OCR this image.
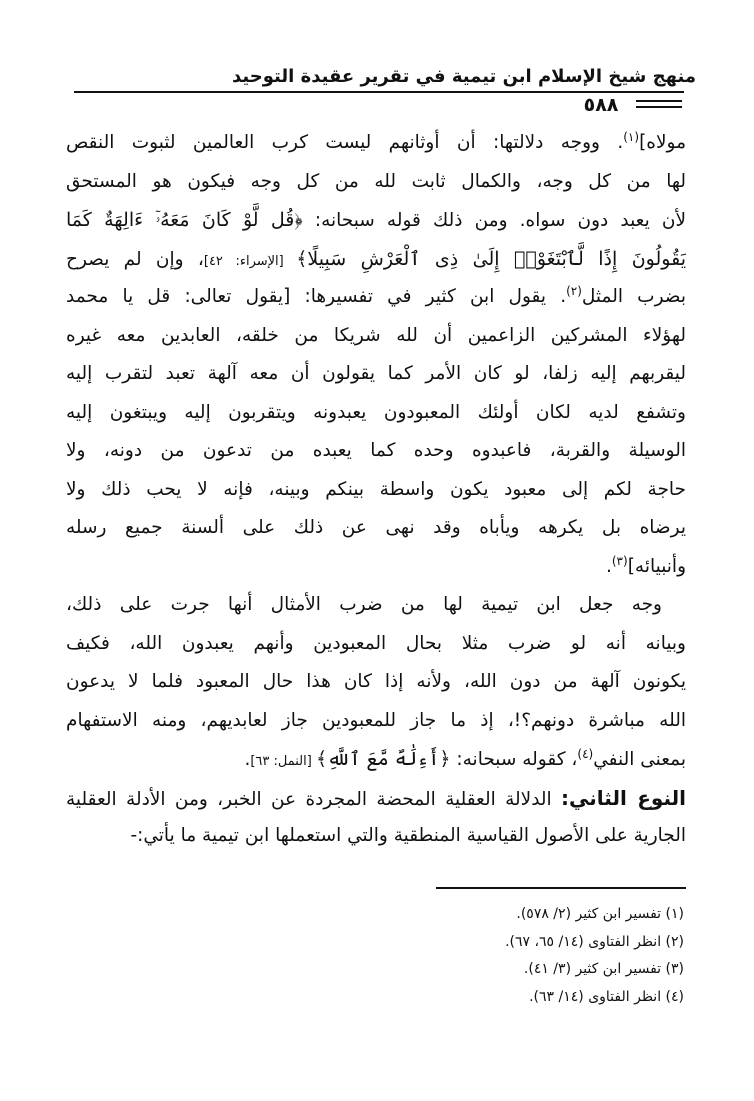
منهج شيخ الإسلام ابن تيمية في تقرير عقيدة التوحيد
٥٨٨
مولاه]$^{(١)}$. ووجه دلالتها: أن أوثانهم ليست كرب العالمين لثبوت النقص
لها من كل وجه، والكمال ثابت لله من كل وجه فيكون هو المستحق
لأن يعبد دون سواه. ومن ذلك قوله سبحانه: ﴿قُل لَّوْ كَانَ مَعَهُۥٓ ءَالِهَةٌ كَمَا
يَقُولُونَ إِذًا لَّٱبْتَغَوْا۟ إِلَىٰ ذِى ٱلْعَرْشِ سَبِيلًا﴾ [الإسراء: ٤٢]، وإن لم يصرح
بضرب المثل$^{(٢)}$. يقول ابن كثير في تفسيرها: [يقول تعالى: قل يا محمد
لهؤلاء المشركين الزاعمين أن لله شريكا من خلقه، العابدين معه غيره
ليقربهم إليه زلفا، لو كان الأمر كما يقولون أن معه آلهة تعبد لتقرب إليه
وتشفع لديه لكان أولئك المعبودون يعبدونه ويتقربون إليه ويبتغون إليه
الوسيلة والقربة، فاعبدوه وحده كما يعبده من تدعون من دونه، ولا
حاجة لكم إلى معبود يكون واسطة بينكم وبينه، فإنه لا يحب ذلك ولا
يرضاه بل يكرهه ويأباه وقد نهى عن ذلك على ألسنة جميع رسله
وأنبيائه]$^{(٣)}$.
وجه جعل ابن تيمية لها من ضرب الأمثال أنها جرت على ذلك،
وبيانه أنه لو ضرب مثلا بحال المعبودين وأنهم يعبدون الله، فكيف
يكونون آلهة من دون الله، ولأنه إذا كان هذا حال المعبود فلما لا يدعون
الله مباشرة دونهم؟!، إذ ما جاز للمعبودين جاز لعابديهم، ومنه الاستفهام
بمعنى النفي$^{(٤)}$، كقوله سبحانه: ﴿أَءِلَٰهٌ مَّعَ ٱللَّهِ﴾ [النمل: ٦٣].
النوع الثاني: الدلالة العقلية المحضة المجردة عن الخبر، ومن الأدلة العقلية
الجارية على الأصول القياسية المنطقية والتي استعملها ابن تيمية ما يأتي:-
(١) تفسير ابن كثير (٢/ ٥٧٨).
(٢) انظر الفتاوى (١٤/ ٦٥، ٦٧).
(٣) تفسير ابن كثير (٣/ ٤١).
(٤) انظر الفتاوى (١٤/ ٦٣).
